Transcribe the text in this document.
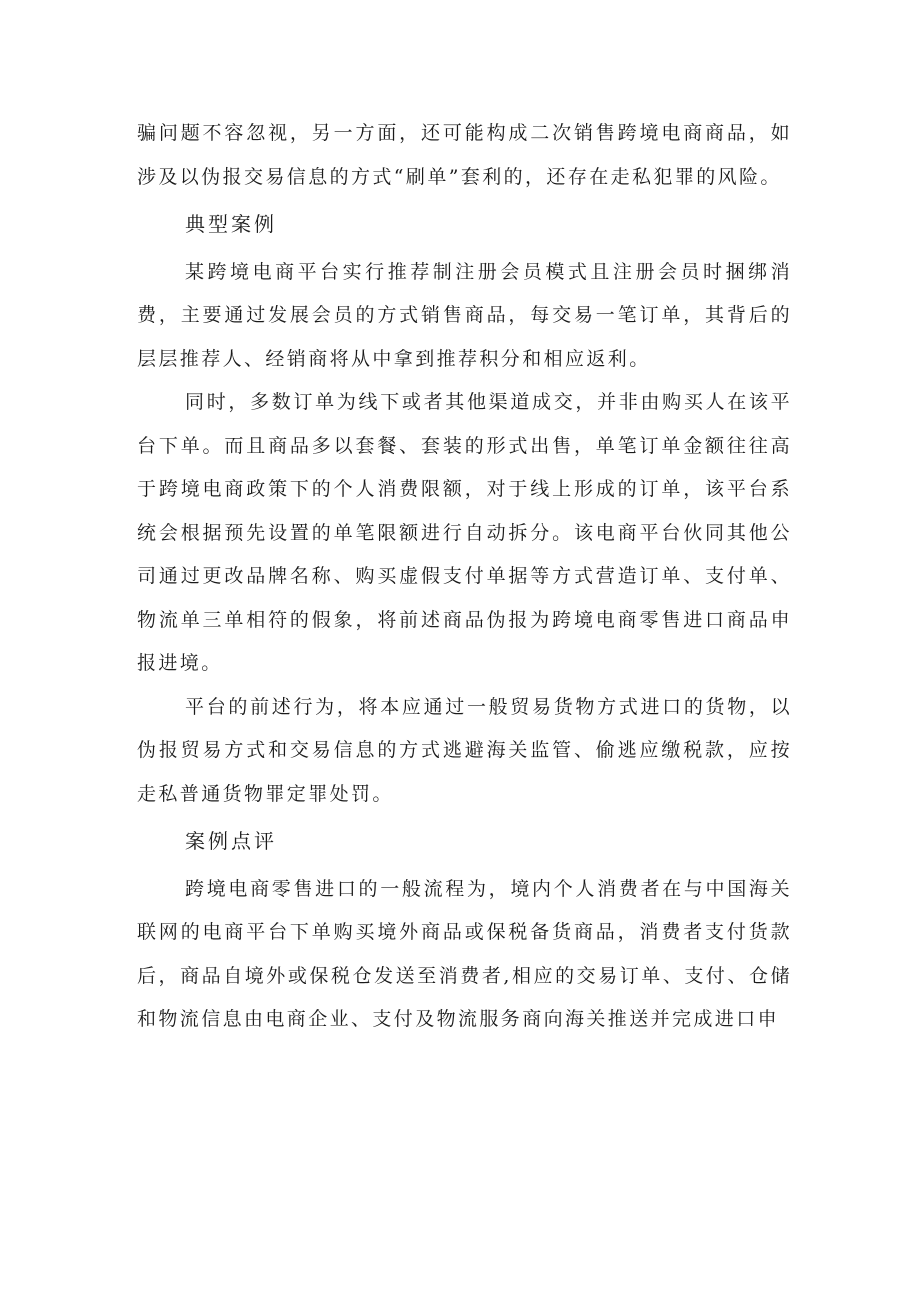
骗问题不容忽视，另一方面，还可能构成二次销售跨境电商商品，如涉及以伪报交易信息的方式“刷单”套利的，还存在走私犯罪的风险。

典型案例

某跨境电商平台实行推荐制注册会员模式且注册会员时捆绑消费，主要通过发展会员的方式销售商品，每交易一笔订单，其背后的层层推荐人、经销商将从中拿到推荐积分和相应返利。

同时，多数订单为线下或者其他渠道成交，并非由购买人在该平台下单。而且商品多以套餐、套装的形式出售，单笔订单金额往往高于跨境电商政策下的个人消费限额，对于线上形成的订单，该平台系统会根据预先设置的单笔限额进行自动拆分。该电商平台伙同其他公司通过更改品牌名称、购买虚假支付单据等方式营造订单、支付单、物流单三单相符的假象，将前述商品伪报为跨境电商零售进口商品申报进境。

平台的前述行为，将本应通过一般贸易货物方式进口的货物，以伪报贸易方式和交易信息的方式逃避海关监管、偷逃应缴税款，应按走私普通货物罪定罪处罚。

案例点评

跨境电商零售进口的一般流程为，境内个人消费者在与中国海关联网的电商平台下单购买境外商品或保税备货商品，消费者支付货款后，商品自境外或保税仓发送至消费者,相应的交易订单、支付、仓储和物流信息由电商企业、支付及物流服务商向海关推送并完成进口申
